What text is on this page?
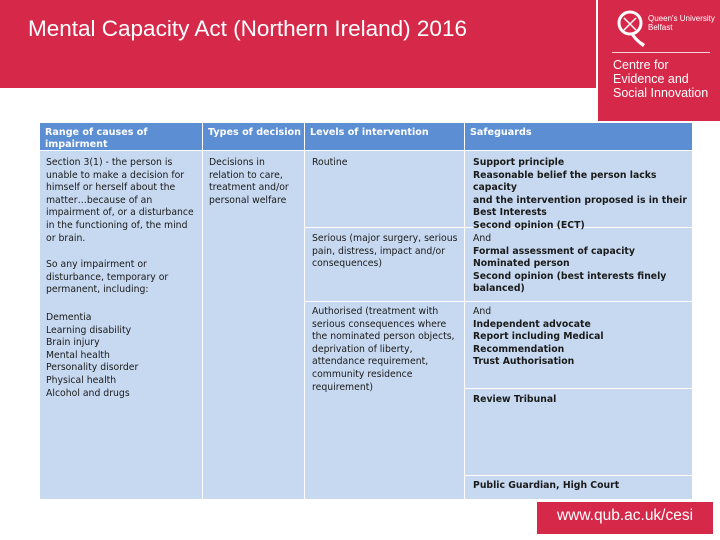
Mental Capacity Act (Northern Ireland) 2016	Queen's University
Belfast
Centre for
Evidence and
Social Innovation
Range of causes of impairment
Types of decision Levels of intervention	Safeguards
Section 3(1) - the person is
unable to make a decision for
himself or herself about the
matter…because of an
impairment of, or a disturbance
in the functioning of, the mind
or brain.
So any impairment or
disturbance, temporary or
permanent, including:
Dementia
Learning disability
Brain injury
Mental health
Personality disorder
Physical health
Alcohol and drugs
Decisions in
relation to care,
treatment and/or
personal welfare
Routine
Serious (major surgery, serious
pain, distress, impact and/or
consequences)
Authorised (treatment with
serious consequences where
the nominated person objects,
deprivation of liberty,
attendance requirement,
community residence
requirement)
Support principle
Reasonable belief the person lacks capacity
and the intervention proposed is in their
Best Interests
Second opinion (ECT)
And
Formal assessment of capacity
Nominated person
Second opinion (best interests finely
balanced)
And
Independent advocate
Report including Medical Recommendation
Trust Authorisation
Review Tribunal
Public Guardian, High Court
www.qub.ac.uk/cesi
